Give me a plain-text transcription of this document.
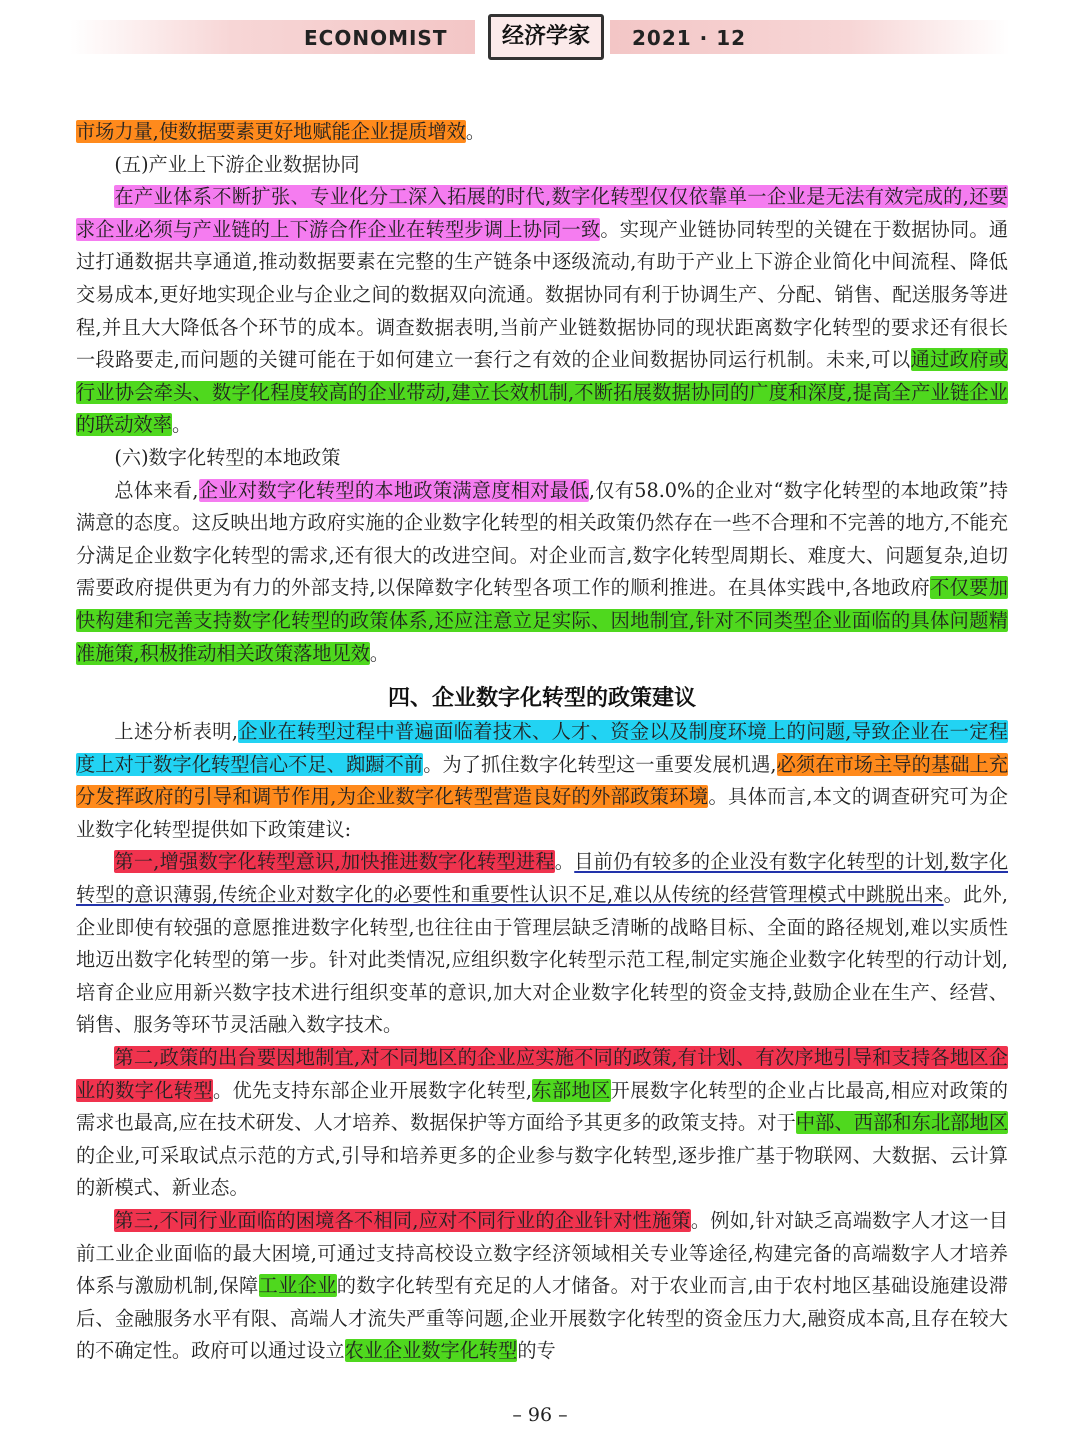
ECONOMIST	经济学家	2021 · 12

市场力量,使数据要素更好地赋能企业提质增效。

(五)产业上下游企业数据协同

在产业体系不断扩张、专业化分工深入拓展的时代,数字化转型仅仅依靠单一企业是无法有效完成的,还要求企业必须与产业链的上下游合作企业在转型步调上协同一致。实现产业链协同转型的关键在于数据协同。通过打通数据共享通道,推动数据要素在完整的生产链条中逐级流动,有助于产业上下游企业简化中间流程、降低交易成本,更好地实现企业与企业之间的数据双向流通。数据协同有利于协调生产、分配、销售、配送服务等进程,并且大大降低各个环节的成本。调查数据表明,当前产业链数据协同的现状距离数字化转型的要求还有很长一段路要走,而问题的关键可能在于如何建立一套行之有效的企业间数据协同运行机制。未来,可以通过政府或行业协会牵头、数字化程度较高的企业带动,建立长效机制,不断拓展数据协同的广度和深度,提高全产业链企业的联动效率。

(六)数字化转型的本地政策

总体来看,企业对数字化转型的本地政策满意度相对最低,仅有58.0%的企业对“数字化转型的本地政策”持满意的态度。这反映出地方政府实施的企业数字化转型的相关政策仍然存在一些不合理和不完善的地方,不能充分满足企业数字化转型的需求,还有很大的改进空间。对企业而言,数字化转型周期长、难度大、问题复杂,迫切需要政府提供更为有力的外部支持,以保障数字化转型各项工作的顺利推进。在具体实践中,各地政府不仅要加快构建和完善支持数字化转型的政策体系,还应注意立足实际、因地制宜,针对不同类型企业面临的具体问题精准施策,积极推动相关政策落地见效。

四、企业数字化转型的政策建议

上述分析表明,企业在转型过程中普遍面临着技术、人才、资金以及制度环境上的问题,导致企业在一定程度上对于数字化转型信心不足、踟蹰不前。为了抓住数字化转型这一重要发展机遇,必须在市场主导的基础上充分发挥政府的引导和调节作用,为企业数字化转型营造良好的外部政策环境。具体而言,本文的调查研究可为企业数字化转型提供如下政策建议:

第一,增强数字化转型意识,加快推进数字化转型进程。目前仍有较多的企业没有数字化转型的计划,数字化转型的意识薄弱,传统企业对数字化的必要性和重要性认识不足,难以从传统的经营管理模式中跳脱出来。此外,企业即使有较强的意愿推进数字化转型,也往往由于管理层缺乏清晰的战略目标、全面的路径规划,难以实质性地迈出数字化转型的第一步。针对此类情况,应组织数字化转型示范工程,制定实施企业数字化转型的行动计划,培育企业应用新兴数字技术进行组织变革的意识,加大对企业数字化转型的资金支持,鼓励企业在生产、经营、销售、服务等环节灵活融入数字技术。

第二,政策的出台要因地制宜,对不同地区的企业应实施不同的政策,有计划、有次序地引导和支持各地区企业的数字化转型。优先支持东部企业开展数字化转型,东部地区开展数字化转型的企业占比最高,相应对政策的需求也最高,应在技术研发、人才培养、数据保护等方面给予其更多的政策支持。对于中部、西部和东北部地区的企业,可采取试点示范的方式,引导和培养更多的企业参与数字化转型,逐步推广基于物联网、大数据、云计算的新模式、新业态。

第三,不同行业面临的困境各不相同,应对不同行业的企业针对性施策。例如,针对缺乏高端数字人才这一目前工业企业面临的最大困境,可通过支持高校设立数字经济领域相关专业等途径,构建完备的高端数字人才培养体系与激励机制,保障工业企业的数字化转型有充足的人才储备。对于农业而言,由于农村地区基础设施建设滞后、金融服务水平有限、高端人才流失严重等问题,企业开展数字化转型的资金压力大,融资成本高,且存在较大的不确定性。政府可以通过设立农业企业数字化转型的专

– 96 –
